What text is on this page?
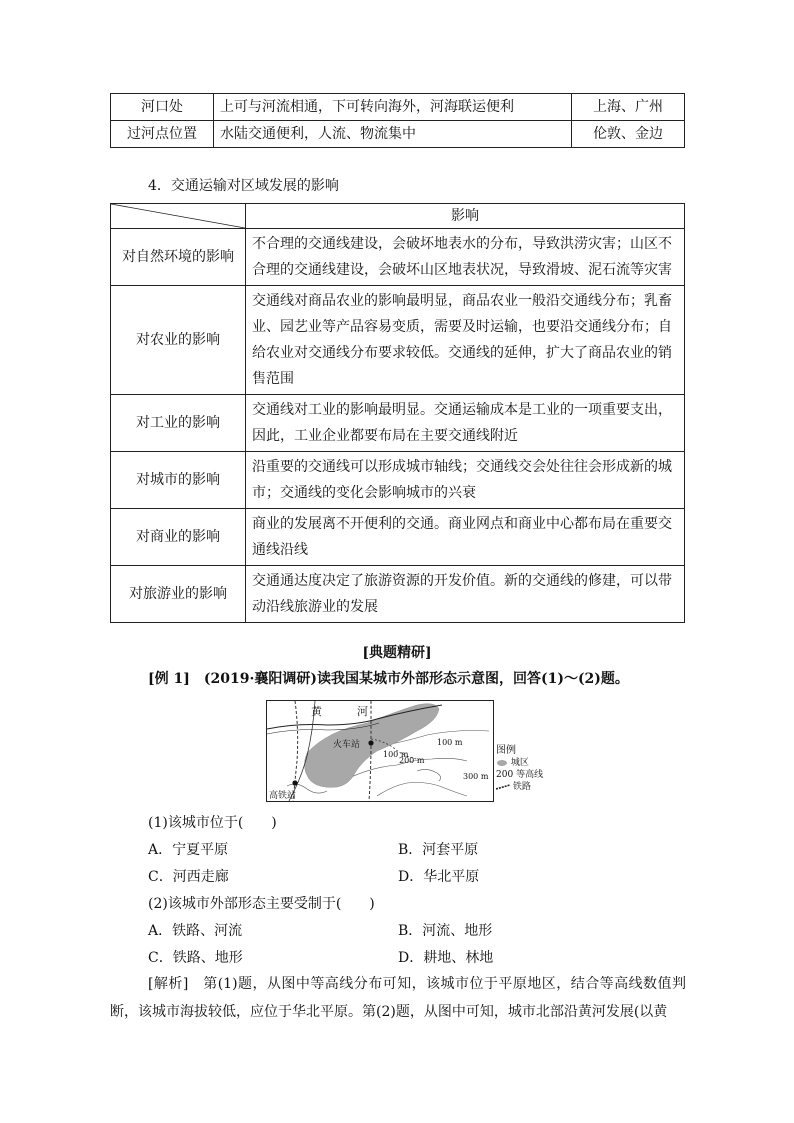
河口处	上可与河流相通，下可转向海外，河海联运便利	上海、广州
过河点位置	水陆交通便利，人流、物流集中	伦敦、金边
4．交通运输对区域发展的影响
	影响
对自然环境的影响	不合理的交通线建设，会破坏地表水的分布，导致洪涝灾害；山区不合理的交通线建设，会破坏山区地表状况，导致滑坡、泥石流等灾害
对农业的影响	交通线对商品农业的影响最明显，商品农业一般沿交通线分布；乳畜业、园艺业等产品容易变质，需要及时运输，也要沿交通线分布；自给农业对交通线分布要求较低。交通线的延伸，扩大了商品农业的销售范围
对工业的影响	交通线对工业的影响最明显。交通运输成本是工业的一项重要支出，因此，工业企业都要布局在主要交通线附近
对城市的影响	沿重要的交通线可以形成城市轴线；交通线交会处往往会形成新的城市；交通线的变化会影响城市的兴衰
对商业的影响	商业的发展离不开便利的交通。商业网点和商业中心都布局在重要交通线沿线
对旅游业的影响	交通通达度决定了旅游资源的开发价值。新的交通线的修建，可以带动沿线旅游业的发展
[典题精研]
[例 1]　(2019·襄阳调研)读我国某城市外部形态示意图，回答(1)～(2)题。
黄	河
火车站
高铁站
100 m
100 m
200 m
300 m
图例
城区
200 等高线
铁路
(1)该城市位于(　　)
A．宁夏平原	B．河套平原
C．河西走廊	D．华北平原
(2)该城市外部形态主要受制于(　　)
A．铁路、河流	B．河流、地形
C．铁路、地形	D．耕地、林地
[解析]　第(1)题，从图中等高线分布可知，该城市位于平原地区，结合等高线数值判断，该城市海拔较低，应位于华北平原。第(2)题，从图中可知，城市北部沿黄河发展(以黄
